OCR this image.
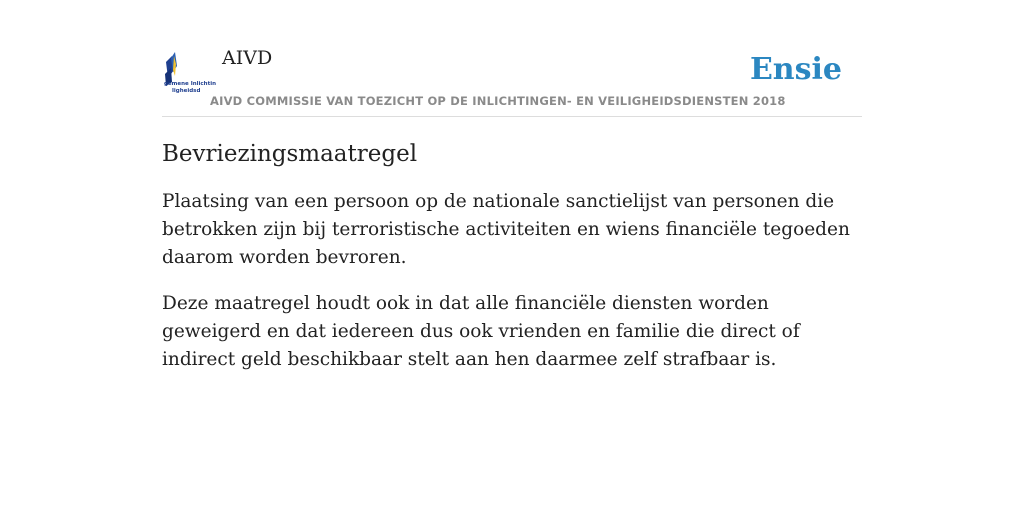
gemene Inlichtin
ligheidsd
AIVD	Ensie
AIVD COMMISSIE VAN TOEZICHT OP DE INLICHTINGEN- EN VEILIGHEIDSDIENSTEN 2018
Bevriezingsmaatregel

Plaatsing van een persoon op de nationale sanctielijst van personen die betrokken zijn bij terroristische activiteiten en wiens financiële tegoeden daarom worden bevroren.

Deze maatregel houdt ook in dat alle financiële diensten worden geweigerd en dat iedereen dus ook vrienden en familie die direct of indirect geld beschikbaar stelt aan hen daarmee zelf strafbaar is.
